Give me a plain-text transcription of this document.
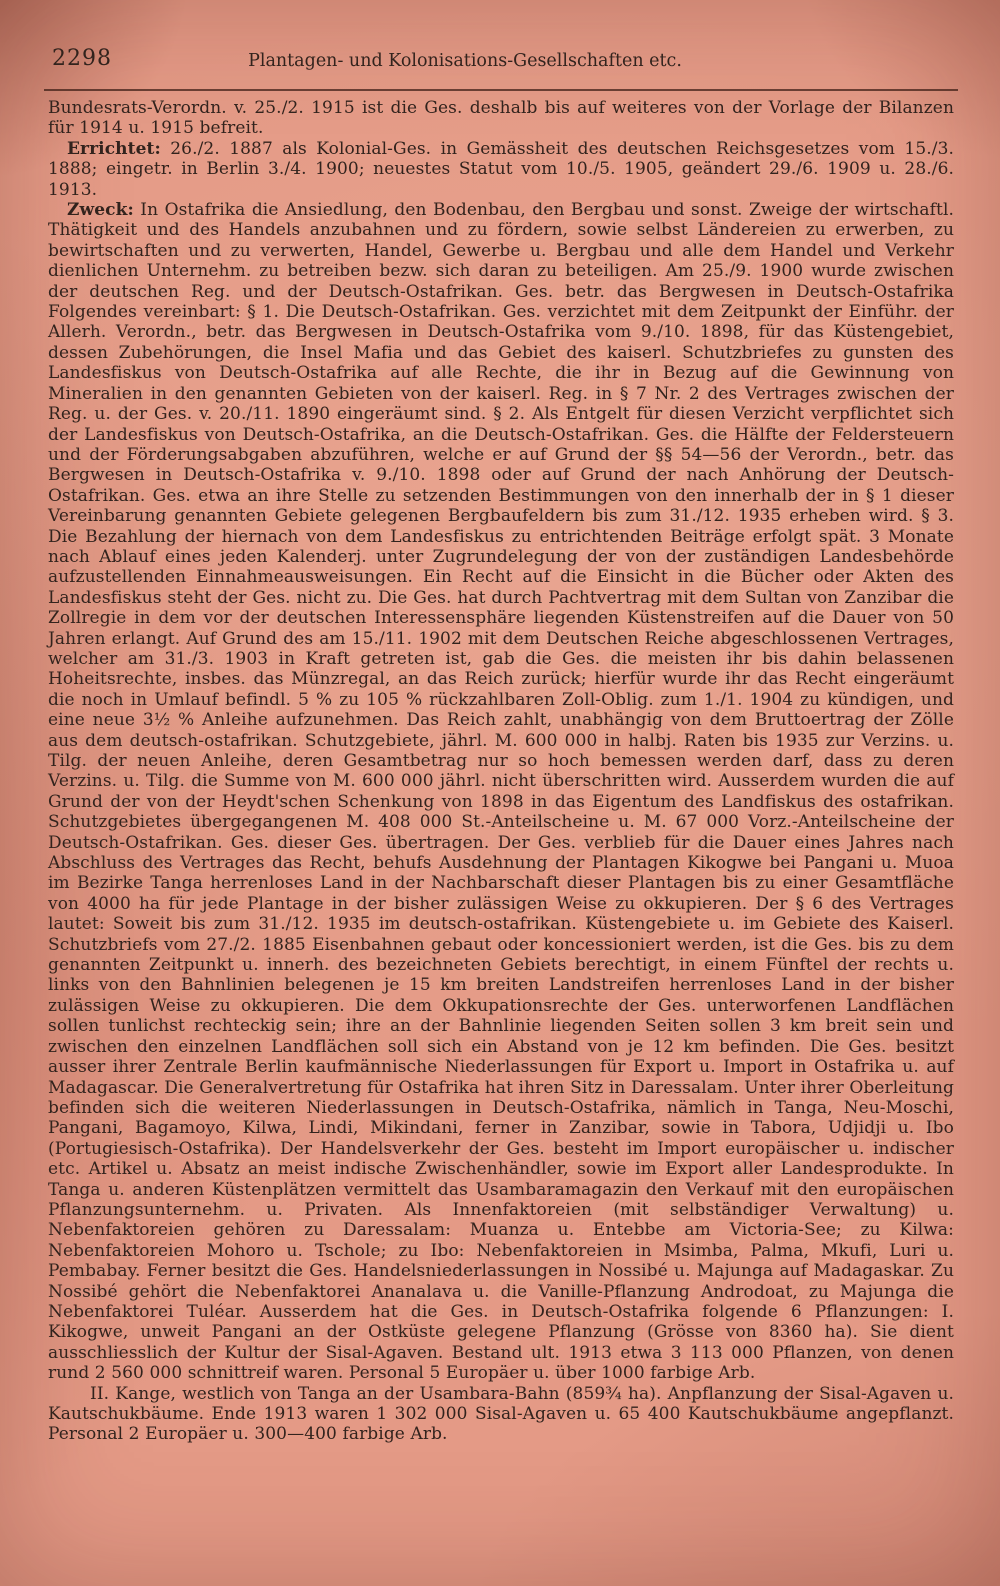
2298	Plantagen- und Kolonisations-Gesellschaften etc.

Bundesrats-Verordn. v. 25./2. 1915 ist die Ges. deshalb bis auf weiteres von der Vorlage der Bilanzen für 1914 u. 1915 befreit.

Errichtet: 26./2. 1887 als Kolonial-Ges. in Gemässheit des deutschen Reichsgesetzes vom 15./3. 1888; eingetr. in Berlin 3./4. 1900; neuestes Statut vom 10./5. 1905, geändert 29./6. 1909 u. 28./6. 1913.

Zweck: In Ostafrika die Ansiedlung, den Bodenbau, den Bergbau und sonst. Zweige der wirtschaftl. Thätigkeit und des Handels anzubahnen und zu fördern, sowie selbst Ländereien zu erwerben, zu bewirtschaften und zu verwerten, Handel, Gewerbe u. Bergbau und alle dem Handel und Verkehr dienlichen Unternehm. zu betreiben bezw. sich daran zu beteiligen. Am 25./9. 1900 wurde zwischen der deutschen Reg. und der Deutsch-Ostafrikan. Ges. betr. das Bergwesen in Deutsch-Ostafrika Folgendes vereinbart: § 1. Die Deutsch-Ostafrikan. Ges. verzichtet mit dem Zeitpunkt der Einführ. der Allerh. Verordn., betr. das Bergwesen in Deutsch-Ostafrika vom 9./10. 1898, für das Küstengebiet, dessen Zubehörungen, die Insel Mafia und das Gebiet des kaiserl. Schutzbriefes zu gunsten des Landesfiskus von Deutsch-Ostafrika auf alle Rechte, die ihr in Bezug auf die Gewinnung von Mineralien in den genannten Gebieten von der kaiserl. Reg. in § 7 Nr. 2 des Vertrages zwischen der Reg. u. der Ges. v. 20./11. 1890 eingeräumt sind. § 2. Als Entgelt für diesen Verzicht verpflichtet sich der Landesfiskus von Deutsch-Ostafrika, an die Deutsch-Ostafrikan. Ges. die Hälfte der Feldersteuern und der Förderungsabgaben abzuführen, welche er auf Grund der §§ 54—56 der Verordn., betr. das Bergwesen in Deutsch-Ostafrika v. 9./10. 1898 oder auf Grund der nach Anhörung der Deutsch-Ostafrikan. Ges. etwa an ihre Stelle zu setzenden Bestimmungen von den innerhalb der in § 1 dieser Vereinbarung genannten Gebiete gelegenen Bergbaufeldern bis zum 31./12. 1935 erheben wird. § 3. Die Bezahlung der hiernach von dem Landesfiskus zu entrichtenden Beiträge erfolgt spät. 3 Monate nach Ablauf eines jeden Kalenderj. unter Zugrundelegung der von der zuständigen Landesbehörde aufzustellenden Einnahmeausweisungen. Ein Recht auf die Einsicht in die Bücher oder Akten des Landesfiskus steht der Ges. nicht zu. Die Ges. hat durch Pachtvertrag mit dem Sultan von Zanzibar die Zollregie in dem vor der deutschen Interessensphäre liegenden Küstenstreifen auf die Dauer von 50 Jahren erlangt. Auf Grund des am 15./11. 1902 mit dem Deutschen Reiche abgeschlossenen Vertrages, welcher am 31./3. 1903 in Kraft getreten ist, gab die Ges. die meisten ihr bis dahin belassenen Hoheitsrechte, insbes. das Münzregal, an das Reich zurück; hierfür wurde ihr das Recht eingeräumt die noch in Umlauf befindl. 5 % zu 105 % rückzahlbaren Zoll-Oblig. zum 1./1. 1904 zu kündigen, und eine neue 3½ % Anleihe aufzunehmen. Das Reich zahlt, unabhängig von dem Bruttoertrag der Zölle aus dem deutsch-ostafrikan. Schutzgebiete, jährl. M. 600 000 in halbj. Raten bis 1935 zur Verzins. u. Tilg. der neuen Anleihe, deren Gesamtbetrag nur so hoch bemessen werden darf, dass zu deren Verzins. u. Tilg. die Summe von M. 600 000 jährl. nicht überschritten wird. Ausserdem wurden die auf Grund der von der Heydt'schen Schenkung von 1898 in das Eigentum des Landfiskus des ostafrikan. Schutzgebietes übergegangenen M. 408 000 St.-Anteilscheine u. M. 67 000 Vorz.-Anteilscheine der Deutsch-Ostafrikan. Ges. dieser Ges. übertragen. Der Ges. verblieb für die Dauer eines Jahres nach Abschluss des Vertrages das Recht, behufs Ausdehnung der Plantagen Kikogwe bei Pangani u. Muoa im Bezirke Tanga herrenloses Land in der Nachbarschaft dieser Plantagen bis zu einer Gesamtfläche von 4000 ha für jede Plantage in der bisher zulässigen Weise zu okkupieren. Der § 6 des Vertrages lautet: Soweit bis zum 31./12. 1935 im deutsch-ostafrikan. Küstengebiete u. im Gebiete des Kaiserl. Schutzbriefs vom 27./2. 1885 Eisenbahnen gebaut oder koncessioniert werden, ist die Ges. bis zu dem genannten Zeitpunkt u. innerh. des bezeichneten Gebiets berechtigt, in einem Fünftel der rechts u. links von den Bahnlinien belegenen je 15 km breiten Landstreifen herrenloses Land in der bisher zulässigen Weise zu okkupieren. Die dem Okkupationsrechte der Ges. unterworfenen Landflächen sollen tunlichst rechteckig sein; ihre an der Bahnlinie liegenden Seiten sollen 3 km breit sein und zwischen den einzelnen Landflächen soll sich ein Abstand von je 12 km befinden. Die Ges. besitzt ausser ihrer Zentrale Berlin kaufmännische Niederlassungen für Export u. Import in Ostafrika u. auf Madagascar. Die Generalvertretung für Ostafrika hat ihren Sitz in Daressalam. Unter ihrer Oberleitung befinden sich die weiteren Niederlassungen in Deutsch-Ostafrika, nämlich in Tanga, Neu-Moschi, Pangani, Bagamoyo, Kilwa, Lindi, Mikindani, ferner in Zanzibar, sowie in Tabora, Udjidji u. Ibo (Portugiesisch-Ostafrika). Der Handelsverkehr der Ges. besteht im Import europäischer u. indischer etc. Artikel u. Absatz an meist indische Zwischenhändler, sowie im Export aller Landesprodukte. In Tanga u. anderen Küstenplätzen vermittelt das Usambaramagazin den Verkauf mit den europäischen Pflanzungsunternehm. u. Privaten. Als Innenfaktoreien (mit selbständiger Verwaltung) u. Nebenfaktoreien gehören zu Daressalam: Muanza u. Entebbe am Victoria-See; zu Kilwa: Nebenfaktoreien Mohoro u. Tschole; zu Ibo: Nebenfaktoreien in Msimba, Palma, Mkufi, Luri u. Pembabay. Ferner besitzt die Ges. Handelsniederlassungen in Nossibé u. Majunga auf Madagaskar. Zu Nossibé gehört die Nebenfaktorei Ananalava u. die Vanille-Pflanzung Androdoat, zu Majunga die Nebenfaktorei Tuléar. Ausserdem hat die Ges. in Deutsch-Ostafrika folgende 6 Pflanzungen: I. Kikogwe, unweit Pangani an der Ostküste gelegene Pflanzung (Grösse von 8360 ha). Sie dient ausschliesslich der Kultur der Sisal-Agaven. Bestand ult. 1913 etwa 3 113 000 Pflanzen, von denen rund 2 560 000 schnittreif waren. Personal 5 Europäer u. über 1000 farbige Arb.

II. Kange, westlich von Tanga an der Usambara-Bahn (859¾ ha). Anpflanzung der Sisal-Agaven u. Kautschukbäume. Ende 1913 waren 1 302 000 Sisal-Agaven u. 65 400 Kautschukbäume angepflanzt. Personal 2 Europäer u. 300—400 farbige Arb.
